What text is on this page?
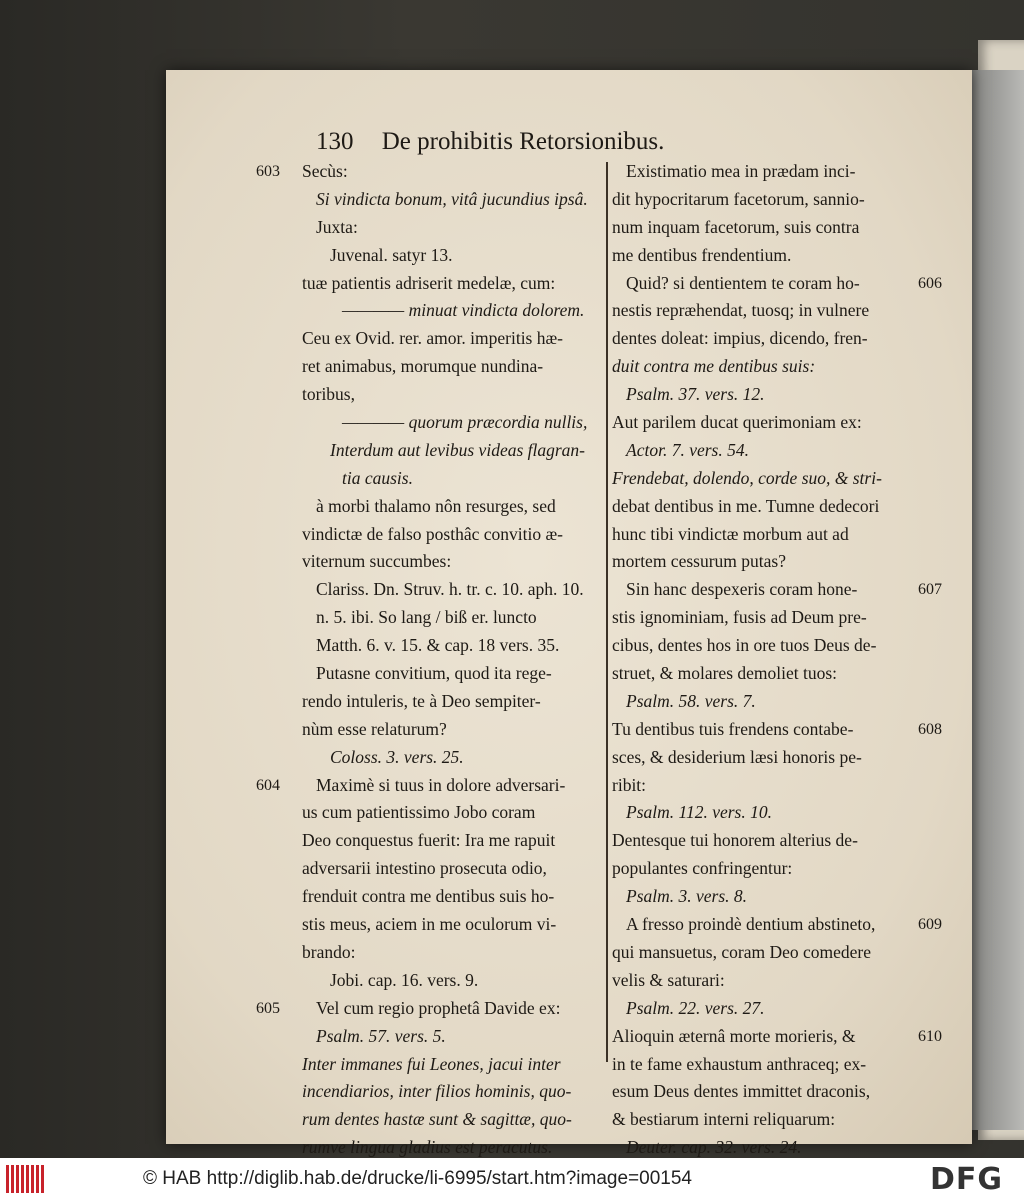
130 De prohibitis Retorsionibus.
Secùs:
603
Si vindicta bonum, vitâ jucundius ipsâ.
Juxta:
Juvenal. satyr 13.
tuæ patientis adriserit medelæ, cum:
———— minuat vindicta dolorem.
Ceu ex Ovid. rer. amor. imperitis hæ-
ret animabus, morumque nundina-
toribus,
———— quorum præcordia nullis,
Interdum aut levibus videas flagran-
tia causis.
à morbi thalamo nôn resurges, sed
vindictæ de falso posthâc convitio æ-
viternum succumbes:
Clariss. Dn. Struv. h. tr. c. 10. aph. 10.
n. 5. ibi. So lang / biß er. luncto
Matth. 6. v. 15. & cap. 18 vers. 35.
Putasne convitium, quod ita rege-
rendo intuleris, te à Deo sempiter-
nùm esse relaturum?
Coloss. 3. vers. 25.
Maximè si tuus in dolore adversari-
604
us cum patientissimo Jobo coram
Deo conquestus fuerit: Ira me rapuit
adversarii intestino prosecuta odio,
frenduit contra me dentibus suis ho-
stis meus, aciem in me oculorum vi-
brando:
Jobi. cap. 16. vers. 9.
Vel cum regio prophetâ Davide ex:
605
Psalm. 57. vers. 5.
Inter immanes fui Leones, jacui inter
incendiarios, inter filios hominis, quo-
rum dentes hastæ sunt & sagittæ, quo-
rumve lingua gladius est peracutus.
Existimatio mea in prædam inci-
dit hypocritarum facetorum, sannio-
num inquam facetorum, suis contra
me dentibus frendentium.
Quid? si dentientem te coram ho-	606
nestis repræhendat, tuosq; in vulnere
dentes doleat: impius, dicendo, fren-
duit contra me dentibus suis:
Psalm. 37. vers. 12.
Aut parilem ducat querimoniam ex:
Actor. 7. vers. 54.
Frendebat, dolendo, corde suo, & stri-
debat dentibus in me. Tumne dedecori
hunc tibi vindictæ morbum aut ad
mortem cessurum putas?
Sin hanc despexeris coram hone-	607
stis ignominiam, fusis ad Deum pre-
cibus, dentes hos in ore tuos Deus de-
struet, & molares demoliet tuos:
Psalm. 58. vers. 7.
Tu dentibus tuis frendens contabe-	608
sces, & desiderium læsi honoris pe-
ribit:
Psalm. 112. vers. 10.
Dentesque tui honorem alterius de-
populantes confringentur:
Psalm. 3. vers. 8.
A fresso proindè dentium abstineto,	609
qui mansuetus, coram Deo comedere
velis & saturari:
Psalm. 22. vers. 27.
Alioquin æternâ morte morieris, &	610
in te fame exhaustum anthraceq; ex-
esum Deus dentes immittet draconis,
& bestiarum interni reliquarum:
Deuter. cap. 32. vers. 24.
© HAB http://diglib.hab.de/drucke/li-6995/start.htm?image=00154	DFG
